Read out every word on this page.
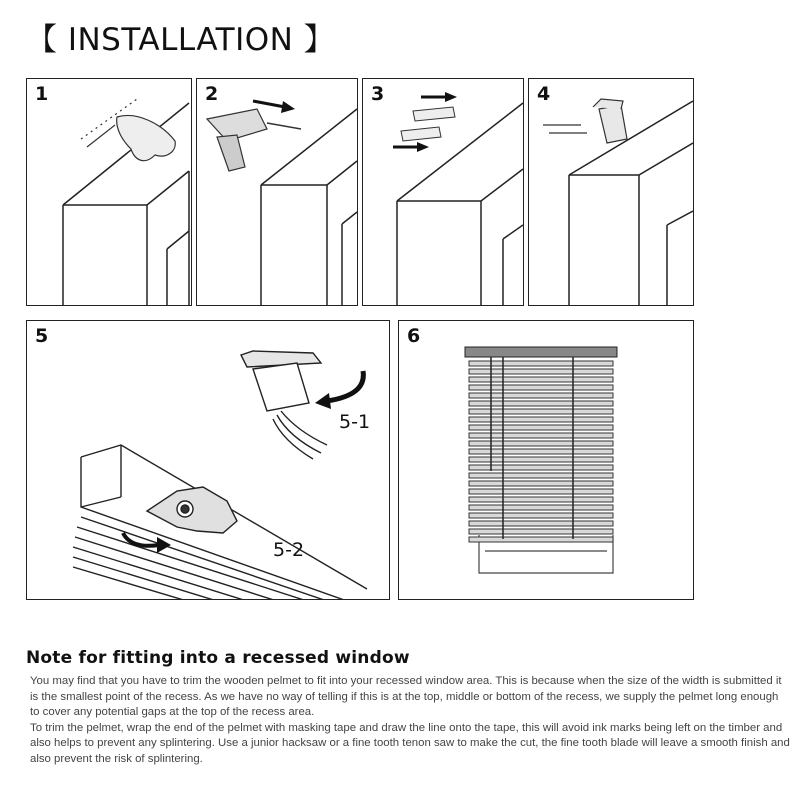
【 INSTALLATION 】
1	2	3	4
5
5-1
5-2
6
Note for fitting into a recessed window

You may find that you have to trim the wooden pelmet to fit into your recessed window area. This is because when the size of the width is submitted it is the smallest point of the recess. As we have no way of telling if this is at the top, middle or bottom of the recess, we supply the pelmet long enough to cover any potential gaps at the top of the recess area.

To trim the pelmet, wrap the end of the pelmet with masking tape and draw the line onto the tape, this will avoid ink marks being left on the timber and also helps to prevent any splintering. Use a junior hacksaw or a fine tooth tenon saw to make the cut, the fine tooth blade will leave a smooth finish and also prevent the risk of splintering.
